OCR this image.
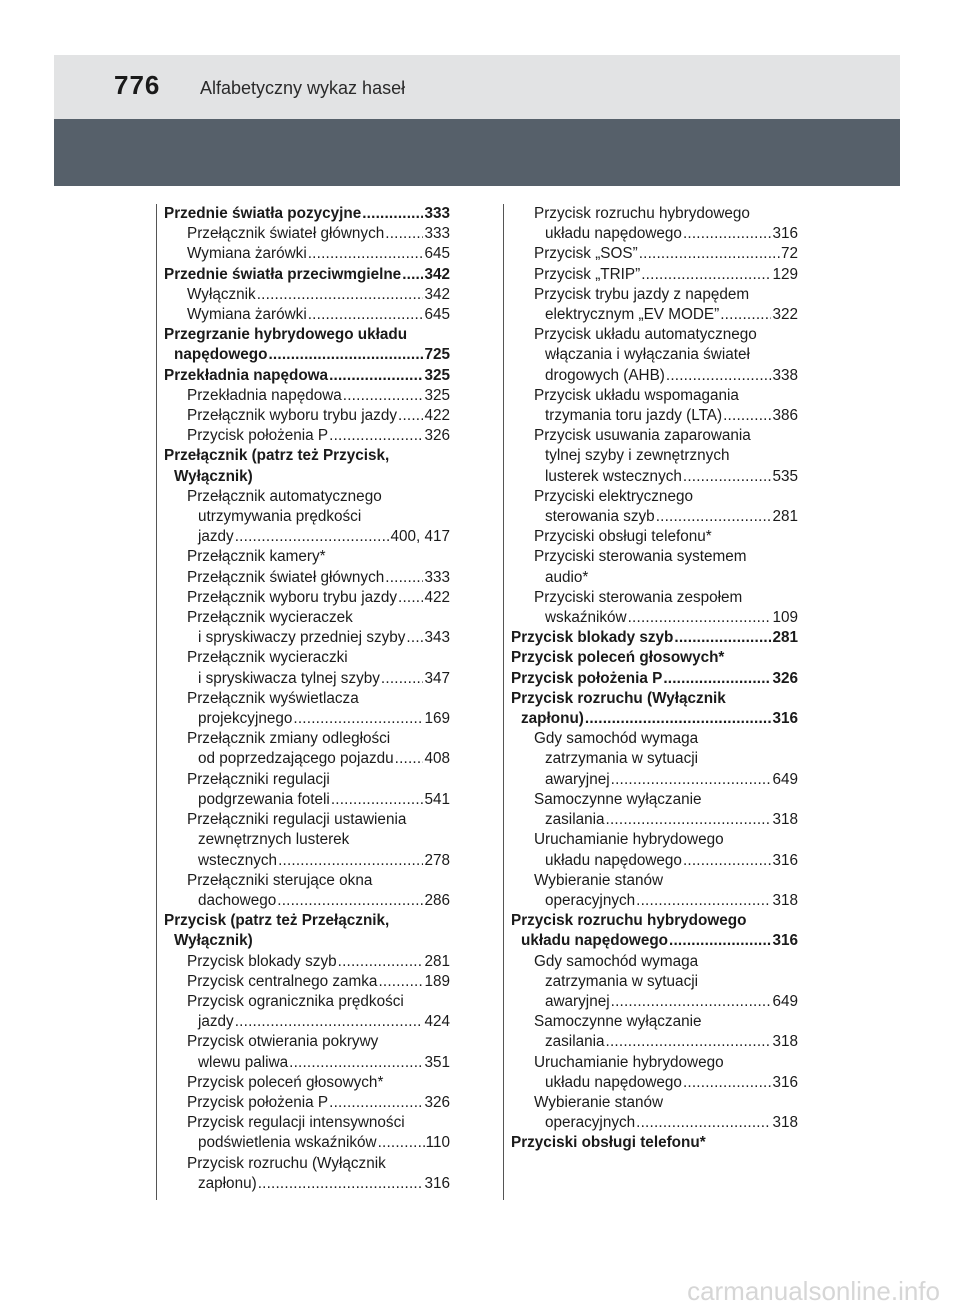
776 Alfabetyczny wykaz haseł
Przednie światła pozycyjne .....	333
Przełącznik świateł głównych .....	333
Wymiana żarówki .....	645
Przednie światła przeciwmgielne ..... 342
Wyłącznik .....	342
Wymiana żarówki .....	645
Przegrzanie hybrydowego układu
napędowego .....	725
Przekładnia napędowa .....	325
Przekładnia napędowa .....	325
Przełącznik wyboru trybu jazdy ..... 422
Przycisk położenia P .....	326
Przełącznik (patrz też Przycisk,
Wyłącznik)
Przełącznik automatycznego
utrzymywania prędkości
jazdy .....	400, 417
Przełącznik kamery*
Przełącznik świateł głównych .....	333
Przełącznik wyboru trybu jazdy ..... 422
Przełącznik wycieraczek
i spryskiwaczy przedniej szyby ..... 343
Przełącznik wycieraczki
i spryskiwacza tylnej szyby .....	347
Przełącznik wyświetlacza
projekcyjnego .....	169
Przełącznik zmiany odległości
od poprzedzającego pojazdu ..... 408
Przełączniki regulacji
podgrzewania foteli .....	541
Przełączniki regulacji ustawienia
zewnętrznych lusterek
wstecznych .....	278
Przełączniki sterujące okna
dachowego .....	286
Przycisk (patrz też Przełącznik,
Wyłącznik)
Przycisk blokady szyb .....	281
Przycisk centralnego zamka .....	189
Przycisk ogranicznika prędkości
jazdy .....	424
Przycisk otwierania pokrywy
wlewu paliwa .....	351
Przycisk poleceń głosowych*
Przycisk położenia P .....	326
Przycisk regulacji intensywności
podświetlenia wskaźników .....	110
Przycisk rozruchu (Wyłącznik
zapłonu) .....	316
Przycisk rozruchu hybrydowego
układu napędowego .....	316
Przycisk „SOS” .....	72
Przycisk „TRIP” .....	129
Przycisk trybu jazdy z napędem
elektrycznym „EV MODE” .....	322
Przycisk układu automatycznego
włączania i wyłączania świateł
drogowych (AHB) .....	338
Przycisk układu wspomagania
trzymania toru jazdy (LTA) .....	386
Przycisk usuwania zaparowania
tylnej szyby i zewnętrznych
lusterek wstecznych .....	535
Przyciski elektrycznego
sterowania szyb .....	281
Przyciski obsługi telefonu*
Przyciski sterowania systemem
audio*
Przyciski sterowania zespołem
wskaźników .....	109
Przycisk blokady szyb .....	281
Przycisk poleceń głosowych*
Przycisk położenia P .....	326
Przycisk rozruchu (Wyłącznik
zapłonu) .....	316
Gdy samochód wymaga
zatrzymania w sytuacji
awaryjnej .....	649
Samoczynne wyłączanie
zasilania .....	318
Uruchamianie hybrydowego
układu napędowego .....	316
Wybieranie stanów
operacyjnych .....	318
Przycisk rozruchu hybrydowego
układu napędowego .....	316
Gdy samochód wymaga
zatrzymania w sytuacji
awaryjnej .....	649
Samoczynne wyłączanie
zasilania .....	318
Uruchamianie hybrydowego
układu napędowego .....	316
Wybieranie stanów
operacyjnych .....	318
Przyciski obsługi telefonu*
carmanualsonline.info
